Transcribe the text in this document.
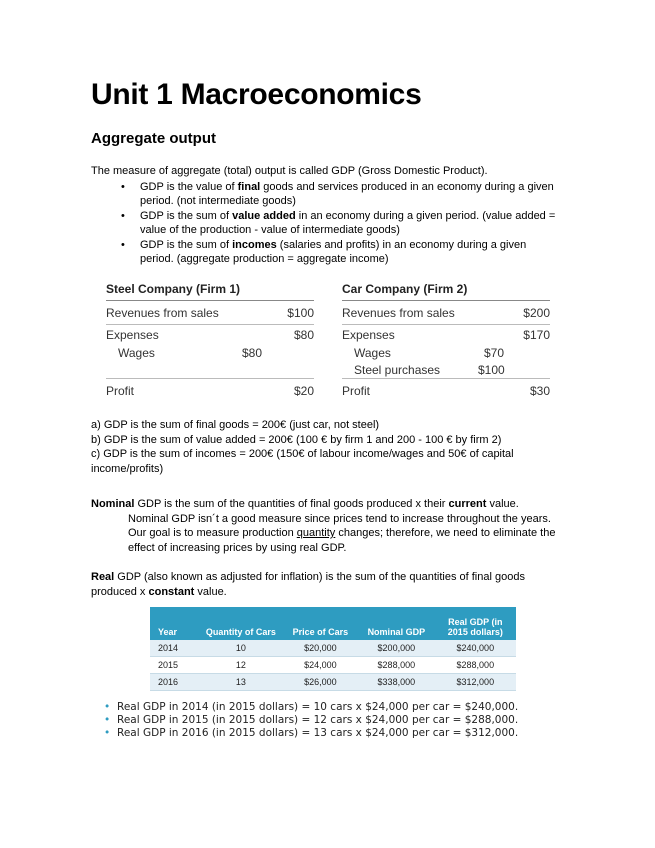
Unit 1 Macroeconomics
Aggregate output

The measure of aggregate (total) output is called GDP (Gross Domestic Product).

• GDP is the value of final goods and services produced in an economy during a given period. (not intermediate goods)
• GDP is the sum of value added in an economy during a given period. (value added = value of the production - value of intermediate goods)
• GDP is the sum of incomes (salaries and profits) in an economy during a given period. (aggregate production = aggregate income)
Steel Company (Firm 1)
Revenues from sales	$100
Expenses	$80
Wages	$80
Profit	$20
Car Company (Firm 2)
Revenues from sales	$200
Expenses	$170
Wages	$70
Steel purchases	$100
Profit	$30
a) GDP is the sum of final goods = 200€ (just car, not steel)
b) GDP is the sum of value added = 200€ (100 € by firm 1 and 200 - 100 € by firm 2)
c) GDP is the sum of incomes = 200€ (150€ of labour income/wages and 50€ of capital income/profits)
Nominal GDP is the sum of the quantities of final goods produced x their current value.
Nominal GDP isn´t a good measure since prices tend to increase throughout the years. Our goal is to measure production quantity changes; therefore, we need to eliminate the effect of increasing prices by using real GDP.
Real GDP (also known as adjusted for inflation) is the sum of the quantities of final goods produced x constant value.
Year	Quantity of Cars	Price of Cars	Nominal GDP	Real GDP (in 2015 dollars)
2014	10	$20,000	$200,000	$240,000
2015	12	$24,000	$288,000	$288,000
2016	13	$26,000	$338,000	$312,000
• Real GDP in 2014 (in 2015 dollars) = 10 cars x $24,000 per car = $240,000.
• Real GDP in 2015 (in 2015 dollars) = 12 cars x $24,000 per car = $288,000.
• Real GDP in 2016 (in 2015 dollars) = 13 cars x $24,000 per car = $312,000.
